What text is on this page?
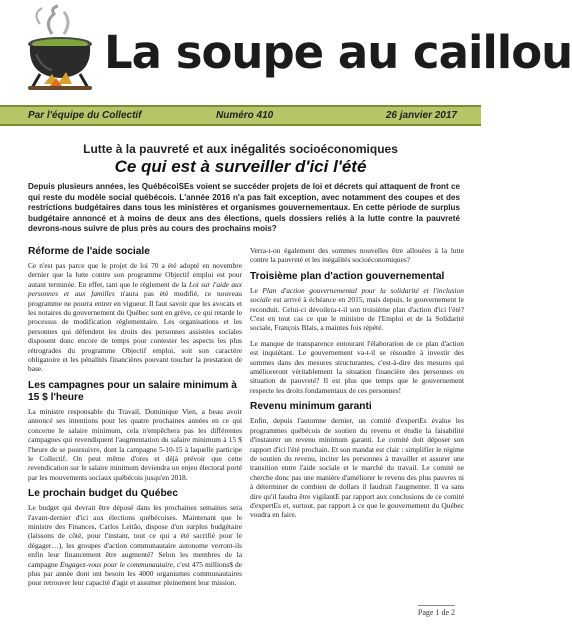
La soupe au caillou
Par l'équipe du Collectif	Numéro 410	26 janvier 2017
Lutte à la pauvreté et aux inégalités socioéconomiques
Ce qui est à surveiller d'ici l'été
Depuis plusieurs années, les QuébécoiSEs voient se succéder projets de loi et décrets qui attaquent de front ce qui reste du modèle social québécois. L'année 2016 n'a pas fait exception, avec notamment des coupes et des restrictions budgétaires dans tous les ministères et organismes gouvernementaux. En cette période de surplus budgétaire annoncé et à moins de deux ans des élections, quels dossiers reliés à la lutte contre la pauvreté devrons-nous suivre de plus près au cours des prochains mois?
Réforme de l'aide sociale

Ce n'est pas parce que le projet de loi 70 a été adopté en novembre dernier que la lutte contre son programme Objectif emploi est pour autant terminée. En effet, tant que le règlement de la Loi sur l'aide aux personnes et aux familles n'aura pas été modifié, ce nouveau programme ne pourra entrer en vigueur. Il faut savoir que les avocats et les notaires du gouvernement du Québec sont en grève, ce qui retarde le processus de modification réglementaire. Les organisations et les personnes qui défendent les droits des personnes assistées sociales disposent donc encore de temps pour contester les aspects les plus rétrogrades du programme Objectif emploi, soit son caractère obligatoire et les pénalités financières pouvant toucher la prestation de base.

Les campagnes pour un salaire minimum à 15 $ l'heure

La ministre responsable du Travail, Dominique Vien, a beau avoir annoncé ses intentions pour les quatre prochaines années en ce qui concerne le salaire minimum, cela n'empêchera pas les différentes campagnes qui revendiquent l'augmentation du salaire minimum à 15 $ l'heure de se poursuivre, dont la campagne 5-10-15 à laquelle participe le Collectif. On peut même d'ores et déjà prévoir que cette revendication sur le salaire minimum deviendra un enjeu électoral porté par les mouvements sociaux québécois jusqu'en 2018.

Le prochain budget du Québec

Le budget qui devrait être déposé dans les prochaines semaines sera l'avant-dernier d'ici aux élections québécoises. Maintenant que le ministre des Finances, Carlos Leitão, dispose d'un surplus budgétaire (laissons de côté, pour l'instant, tout ce qui a été sacrifié pour le dégager…), les groupes d'action communautaire autonome verront-ils enfin leur financement être augmenté? Selon les membres de la campagne Engagez-vous pour le communautaire, c'est 475 millions$ de plus par année dont ont besoin les 4000 organismes communautaires pour retrouver leur capacité d'agir et assumer pleinement leur mission.

Verra-t-on également des sommes nouvelles être allouées à la lutte contre la pauvreté et les inégalités socioéconomiques?

Troisième plan d'action gouvernemental

Le Plan d'action gouvernemental pour la solidarité et l'inclusion sociale est arrivé à échéance en 2015, mais depuis, le gouvernement le reconduit. Celui-ci dévoilera-t-il son troisième plan d'action d'ici l'été? C'est en tout cas ce que le ministre de l'Emploi et de la Solidarité sociale, François Blais, a maintes fois répété.

Le manque de transparence entourant l'élaboration de ce plan d'action est inquiétant. Le gouvernement va-t-il se résoudre à investir des sommes dans des mesures structurantes, c'est-à-dire des mesures qui amélioreront véritablement la situation financière des personnes en situation de pauvreté? Il est plus que temps que le gouvernement respecte les droits fondamentaux de ces personnes!

Revenu minimum garanti

Enfin, depuis l'automne dernier, un comité d'expertEs évalue les programmes québécois de soutien du revenu et étudie la faisabilité d'instaurer un revenu minimum garanti. Le comité doit déposer son rapport d'ici l'été prochain. Et son mandat est clair : simplifier le régime de soutien du revenu, inciter les personnes à travailler et assurer une transition entre l'aide sociale et le marché du travail. Le comité ne cherche donc pas une manière d'améliorer le revenu des plus pauvres ni à déterminer de combien de dollars il faudrait l'augmenter. Il va sans dire qu'il faudra être vigilantE par rapport aux conclusions de ce comité d'expertEs et, surtout, par rapport à ce que le gouvernement du Québec voudra en faire.

Page 1 de 2
